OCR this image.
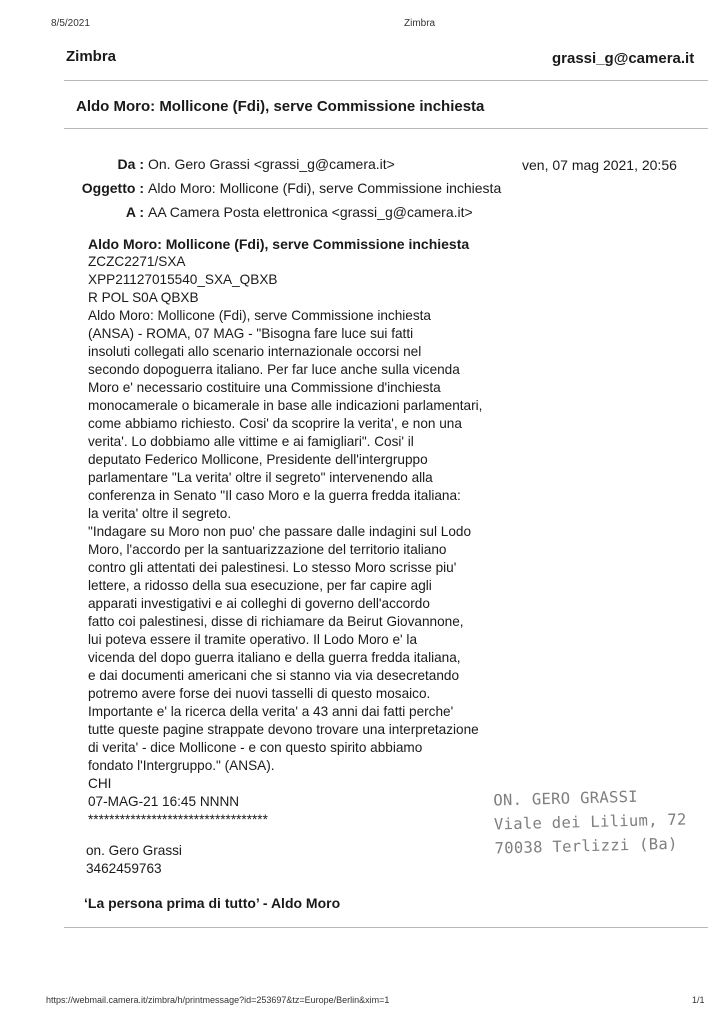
8/5/2021	Zimbra
Zimbra	grassi_g@camera.it
Aldo Moro: Mollicone (Fdi), serve Commissione inchiesta
Da : On. Gero Grassi <grassi_g@camera.it>	ven, 07 mag 2021, 20:56
Oggetto : Aldo Moro: Mollicone (Fdi), serve Commissione inchiesta
A : AA Camera Posta elettronica <grassi_g@camera.it>
Aldo Moro: Mollicone (Fdi), serve Commissione inchiesta
ZCZC2271/SXA
XPP21127015540_SXA_QBXB
R POL S0A QBXB
Aldo Moro: Mollicone (Fdi), serve Commissione inchiesta
(ANSA) - ROMA, 07 MAG - "Bisogna fare luce sui fatti
insoluti collegati allo scenario internazionale occorsi nel
secondo dopoguerra italiano. Per far luce anche sulla vicenda
Moro e' necessario costituire una Commissione d'inchiesta
monocamerale o bicamerale in base alle indicazioni parlamentari,
come abbiamo richiesto. Cosi' da scoprire la verita', e non una
verita'. Lo dobbiamo alle vittime e ai famigliari". Cosi' il
deputato Federico Mollicone, Presidente dell'intergruppo
parlamentare "La verita' oltre il segreto" intervenendo alla
conferenza in Senato "Il caso Moro e la guerra fredda italiana:
la verita' oltre il segreto.
"Indagare su Moro non puo' che passare dalle indagini sul Lodo
Moro, l'accordo per la santuarizzazione del territorio italiano
contro gli attentati dei palestinesi. Lo stesso Moro scrisse piu'
lettere, a ridosso della sua esecuzione, per far capire agli
apparati investigativi e ai colleghi di governo dell'accordo
fatto coi palestinesi, disse di richiamare da Beirut Giovannone,
lui poteva essere il tramite operativo. Il Lodo Moro e' la
vicenda del dopo guerra italiano e della guerra fredda italiana,
e dai documenti americani che si stanno via via desecretando
potremo avere forse dei nuovi tasselli di questo mosaico.
Importante e' la ricerca della verita' a 43 anni dai fatti perche'
tutte queste pagine strappate devono trovare una interpretazione
di verita' - dice Mollicone - e con questo spirito abbiamo
fondato l'Intergruppo." (ANSA).
CHI
07-MAG-21 16:45 NNNN
**********************************
on. Gero Grassi
3462459763
‘La persona prima di tutto’ - Aldo Moro
ON. GERO GRASSI
Viale dei Lilium, 72
70038 Terlizzi (Ba)
https://webmail.camera.it/zimbra/h/printmessage?id=253697&tz=Europe/Berlin&xim=1	1/1
